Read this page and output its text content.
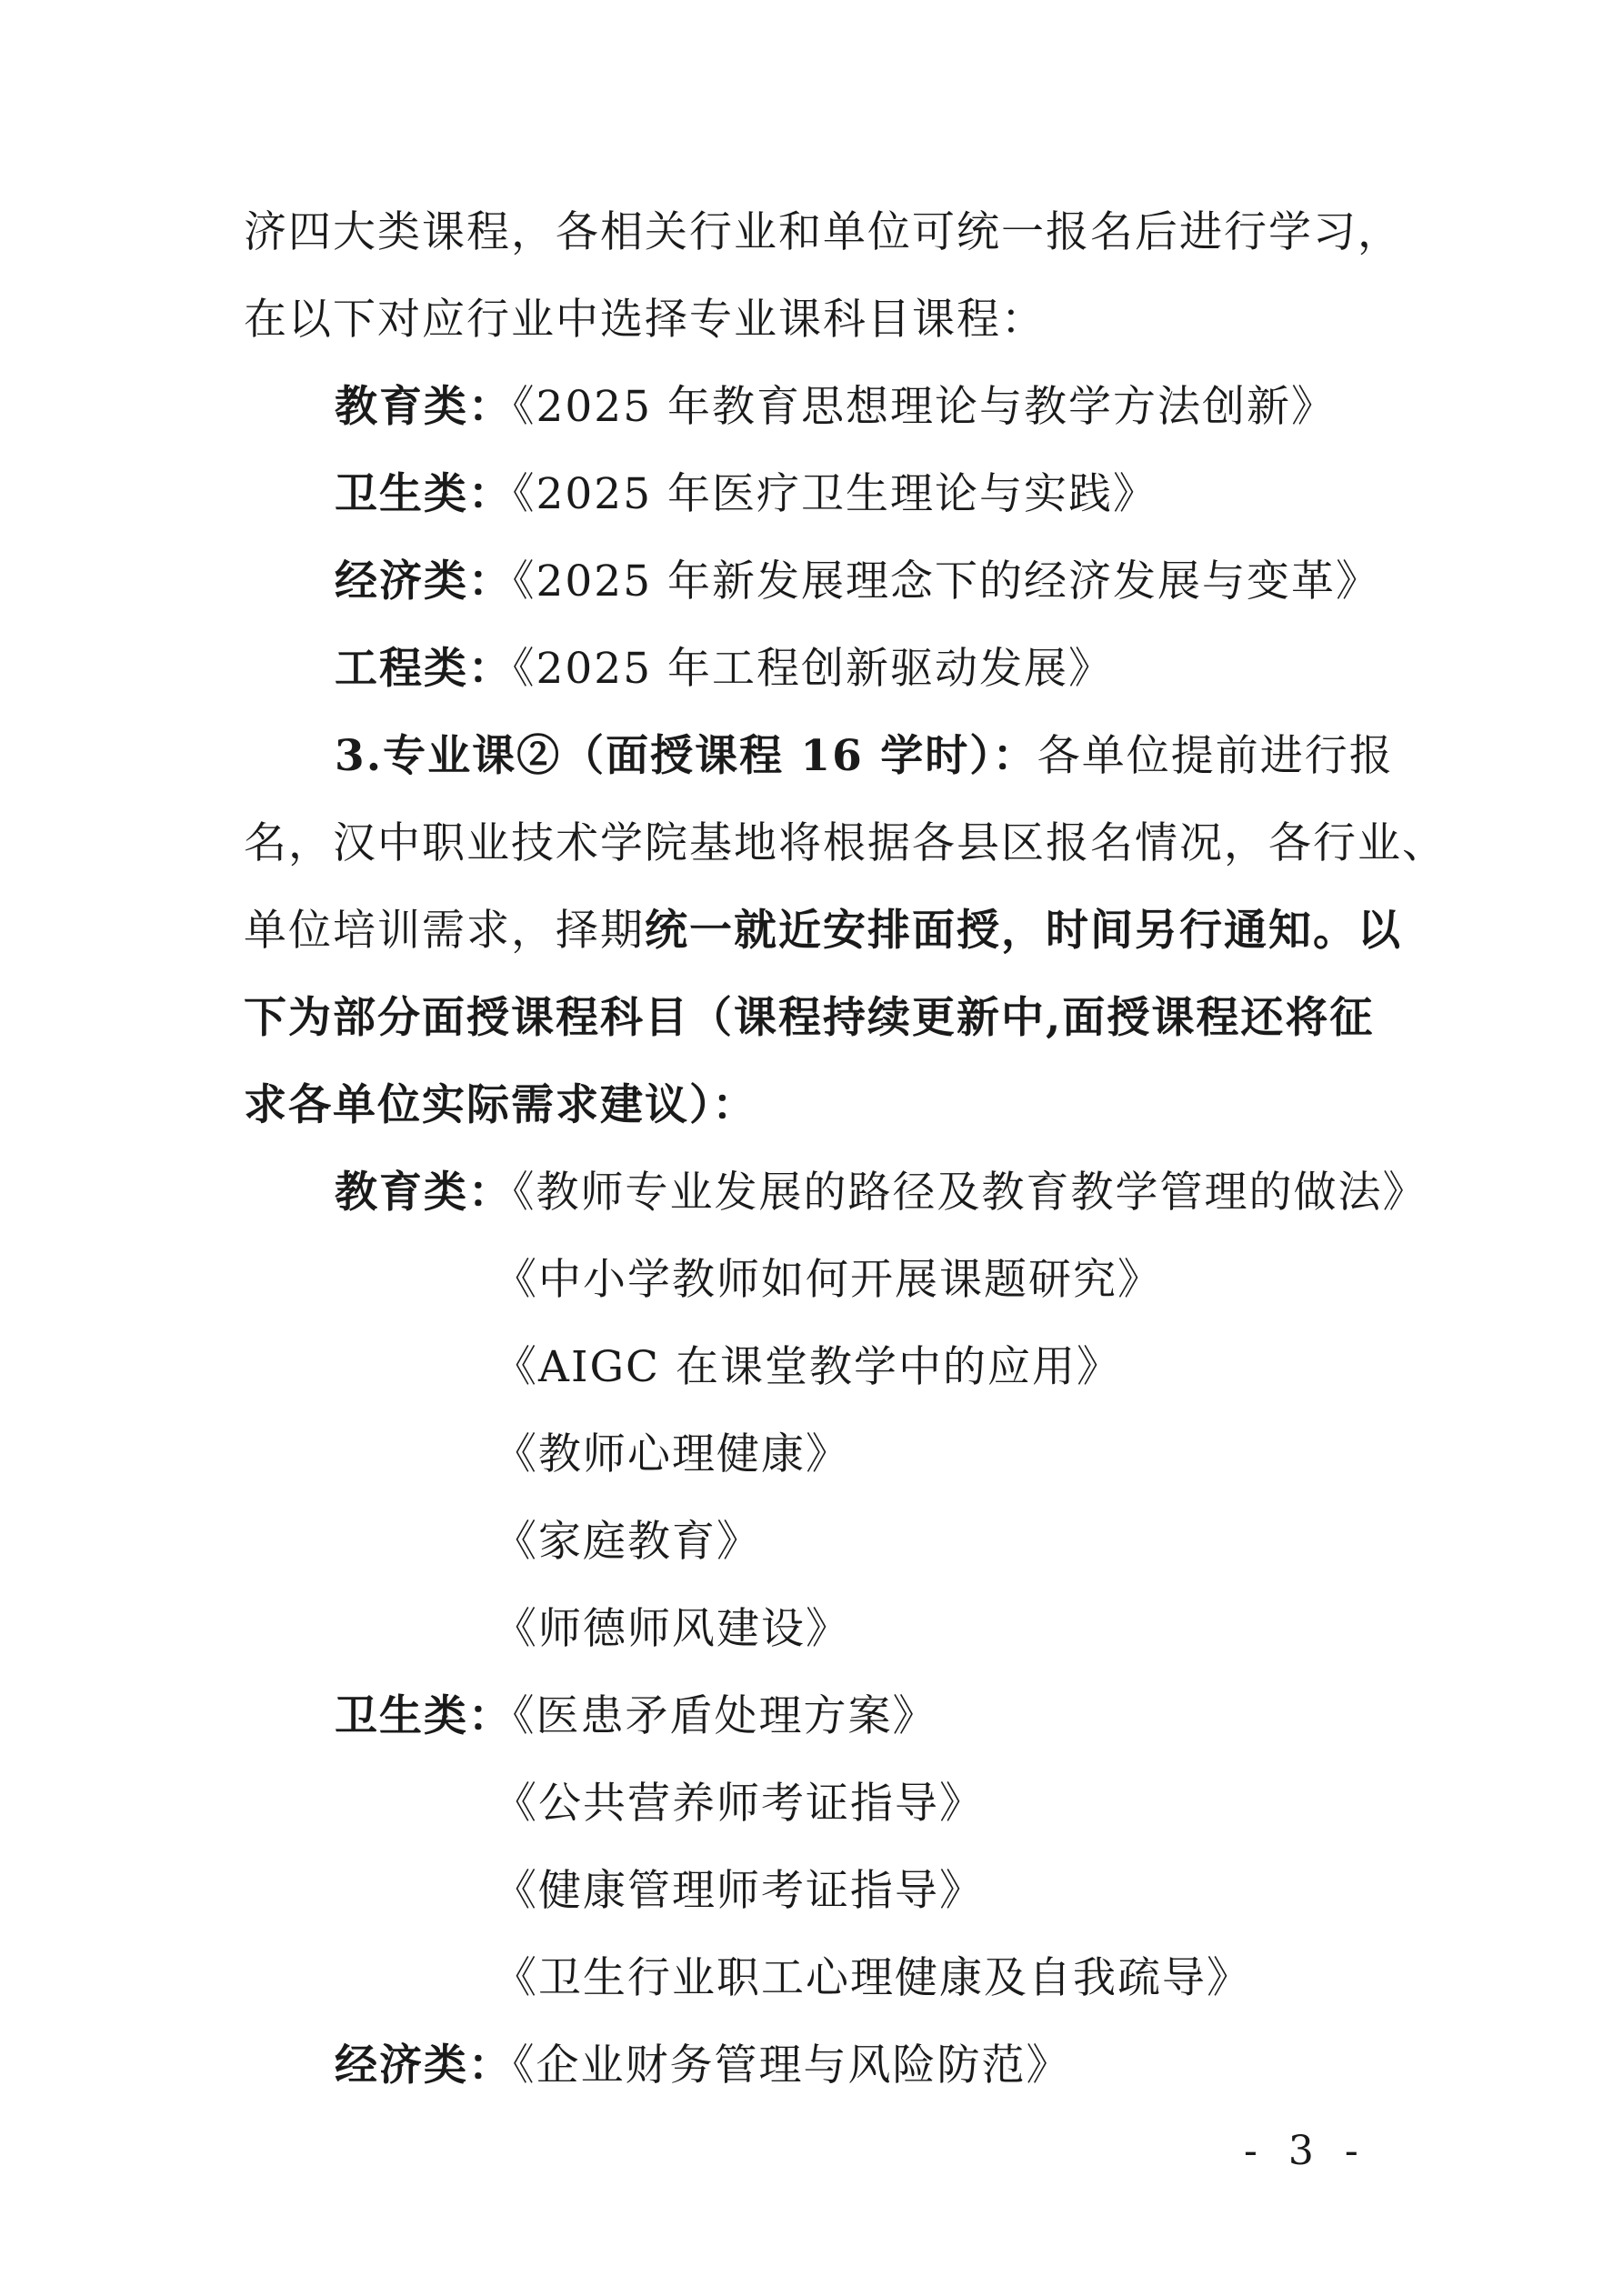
济四大类课程，各相关行业和单位可统一报名后进行学习，
在以下对应行业中选择专业课科目课程：
教育类：《2025 年教育思想理论与教学方法创新》
卫生类：《2025 年医疗卫生理论与实践》
经济类：《2025 年新发展理念下的经济发展与变革》
工程类：《2025 年工程创新驱动发展》
3.专业课②（面授课程 16 学时）：各单位提前进行报
名，汉中职业技术学院基地将根据各县区报名情况，各行业、
单位培训需求，择期统一就近安排面授，时间另行通知。以
下为部分面授课程科目（课程持续更新中,面授课程还将征
求各单位实际需求建议）：
教育类：《教师专业发展的路径及教育教学管理的做法》
《中小学教师如何开展课题研究》
《AIGC 在课堂教学中的应用》
《教师心理健康》
《家庭教育》
《师德师风建设》
卫生类：《医患矛盾处理方案》
《公共营养师考证指导》
《健康管理师考证指导》
《卫生行业职工心理健康及自我疏导》
经济类：《企业财务管理与风险防范》
- 3 -
